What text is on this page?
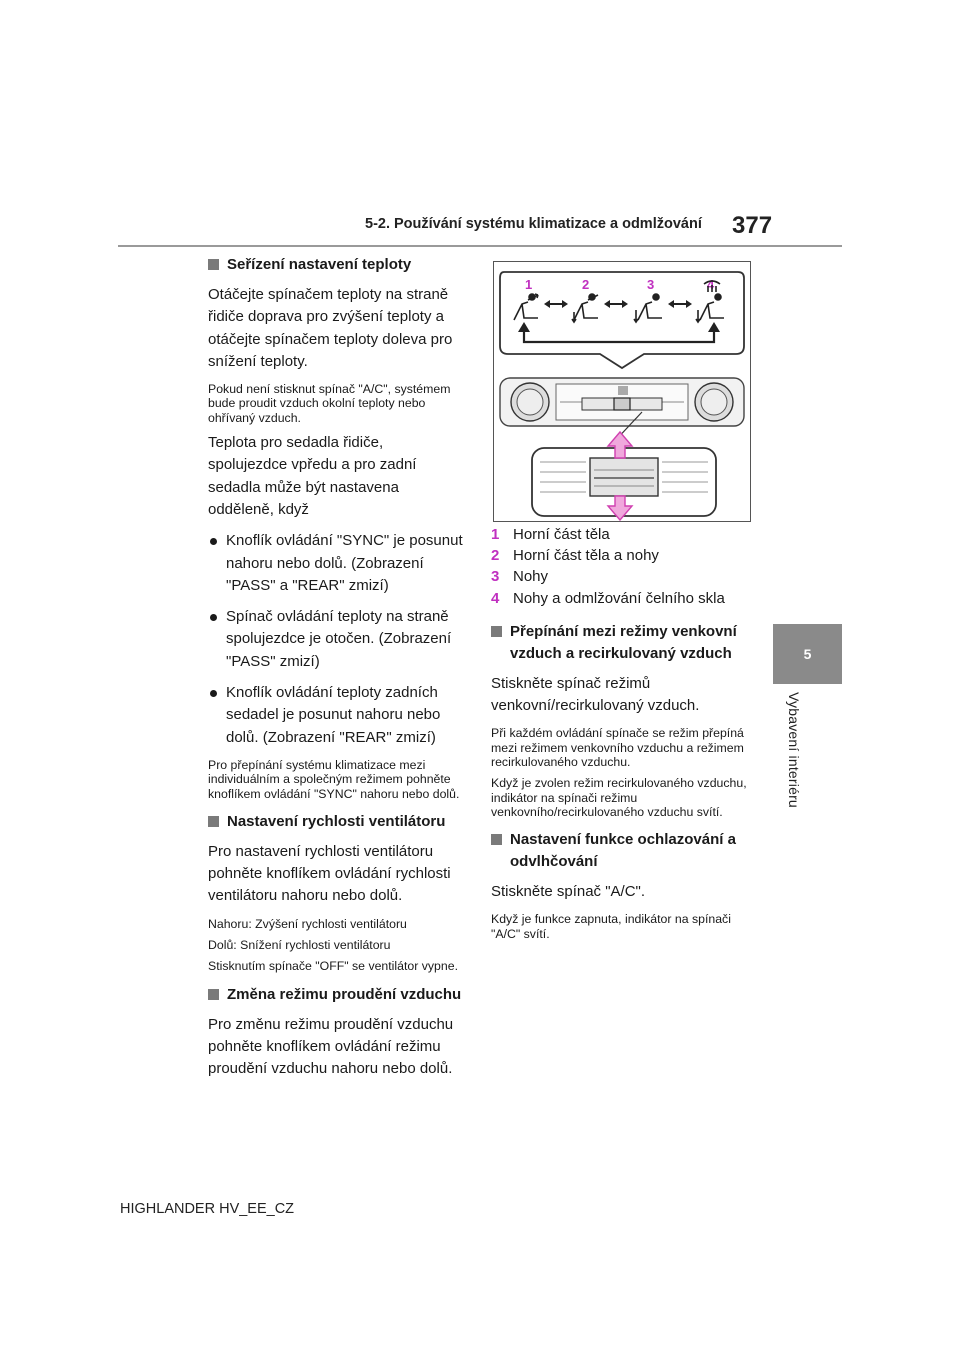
5-2. Používání systému klimatizace a odmlžování 377
5
Vybavení interiéru
Seřízení nastavení teploty

Otáčejte spínačem teploty na straně řidiče doprava pro zvýšení teploty a otáčejte spínačem teploty doleva pro snížení teploty.

Pokud není stisknut spínač "A/C", systémem bude proudit vzduch okolní teploty nebo ohřívaný vzduch.

Teplota pro sedadla řidiče, spolujezdce vpředu a pro zadní sedadla může být nastavena odděleně, když

Knoflík ovládání "SYNC" je posunut nahoru nebo dolů. (Zobrazení "PASS" a "REAR" zmizí)
Spínač ovládání teploty na straně spolujezdce je otočen. (Zobrazení "PASS" zmizí)
Knoflík ovládání teploty zadních sedadel je posunut nahoru nebo dolů. (Zobrazení "REAR" zmizí)

Pro přepínání systému klimatizace mezi individuálním a společným režimem pohněte knoflíkem ovládání "SYNC" nahoru nebo dolů.

Nastavení rychlosti ventilátoru

Pro nastavení rychlosti ventilátoru pohněte knoflíkem ovládání rychlosti ventilátoru nahoru nebo dolů.

Nahoru: Zvýšení rychlosti ventilátoru

Dolů: Snížení rychlosti ventilátoru

Stisknutím spínače "OFF" se ventilátor vypne.

Změna režimu proudění vzduchu

Pro změnu režimu proudění vzduchu pohněte knoflíkem ovládání režimu proudění vzduchu nahoru nebo dolů.

1	2	3	4
1 Horní část těla
2 Horní část těla a nohy
3 Nohy
4 Nohy a odmlžování čelního skla
Přepínání mezi režimy venkovní vzduch a recirkulovaný vzduch

Stiskněte spínač režimů venkovní/recirkulovaný vzduch.

Při každém ovládání spínače se režim přepíná mezi režimem venkovního vzduchu a režimem recirkulovaného vzduchu.

Když je zvolen režim recirkulovaného vzduchu, indikátor na spínači režimu venkovního/recirkulovaného vzduchu svítí.

Nastavení funkce ochlazování a odvlhčování

Stiskněte spínač "A/C".

Když je funkce zapnuta, indikátor na spínači "A/C" svítí.

HIGHLANDER HV_EE_CZ
